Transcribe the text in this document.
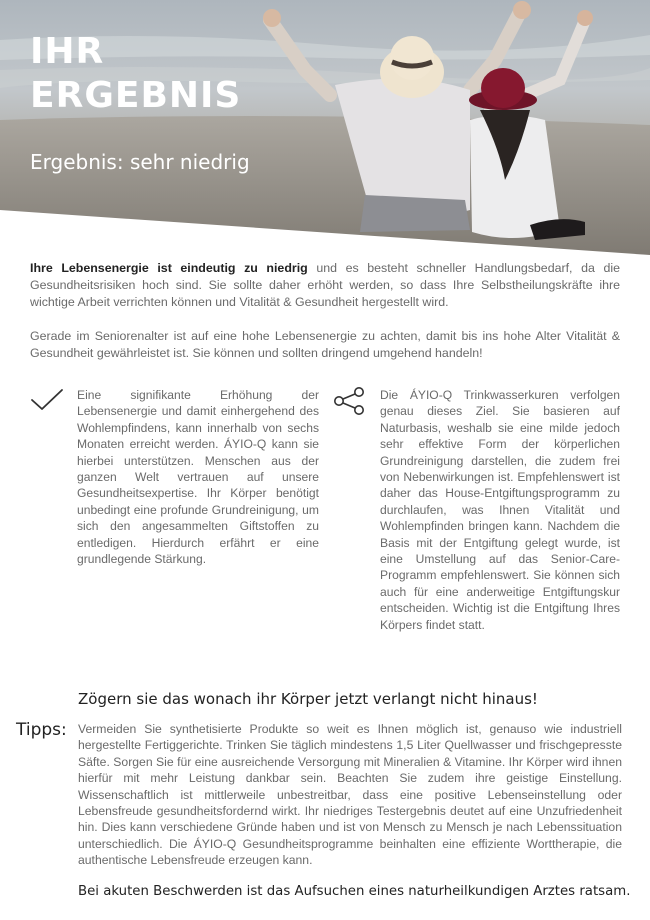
IHR
ERGEBNIS
Ergebnis: sehr niedrig

Ihre Lebensenergie ist eindeutig zu niedrig und es besteht schneller Handlungsbedarf, da die Gesundheitsrisiken hoch sind. Sie sollte daher erhöht werden, so dass Ihre Selbstheilungskräfte ihre wichtige Arbeit verrichten können und Vitalität & Gesundheit hergestellt wird.

Gerade im Seniorenalter ist auf eine hohe Lebensenergie zu achten, damit bis ins hohe Alter Vitalität & Gesundheit gewährleistet ist. Sie können und sollten dringend umgehend handeln!

Eine signifikante Erhöhung der Lebensenergie und damit einhergehend des Wohlempfindens, kann innerhalb von sechs Monaten erreicht werden. ÁYIO-Q kann sie hierbei unterstützen. Menschen aus der ganzen Welt vertrauen auf unsere Gesundheitsexpertise. Ihr Körper benötigt unbedingt eine profunde Grundreinigung, um sich den angesammelten Giftstoffen zu entledigen. Hierdurch erfährt er eine grundlegende Stärkung.
Die ÁYIO-Q Trinkwasserkuren verfolgen genau dieses Ziel. Sie basieren auf Naturbasis, weshalb sie eine milde jedoch sehr effektive Form der körperlichen Grundreinigung darstellen, die zudem frei von Nebenwirkungen ist. Empfehlenswert ist daher das House-Entgiftungsprogramm zu durchlaufen, was Ihnen Vitalität und Wohlempfinden bringen kann. Nachdem die Basis mit der Entgiftung gelegt wurde, ist eine Umstellung auf das Senior-Care-Programm empfehlenswert. Sie können sich auch für eine anderweitige Entgiftungskur entscheiden. Wichtig ist die Entgiftung Ihres Körpers findet statt.
Zögern sie das wonach ihr Körper jetzt verlangt nicht hinaus!
Tipps: Vermeiden Sie synthetisierte Produkte so weit es Ihnen möglich ist, genauso wie industriell hergestellte Fertiggerichte. Trinken Sie täglich mindestens 1,5 Liter Quellwasser und frischgepresste Säfte. Sorgen Sie für eine ausreichende Versorgung mit Mineralien & Vitamine. Ihr Körper wird ihnen hierfür mit mehr Leistung dankbar sein. Beachten Sie zudem ihre geistige Einstellung. Wissenschaftlich ist mittlerweile unbestreitbar, dass eine positive Lebenseinstellung oder Lebensfreude gesundheitsfordernd wirkt. Ihr niedriges Testergebnis deutet auf eine Unzufriedenheit hin. Dies kann verschiedene Gründe haben und ist von Mensch zu Mensch je nach Lebenssituation unterschiedlich. Die ÁYIO-Q Gesundheitsprogramme beinhalten eine effiziente Worttherapie, die authentische Lebensfreude erzeugen kann.
Bei akuten Beschwerden ist das Aufsuchen eines naturheilkundigen Arztes ratsam.
